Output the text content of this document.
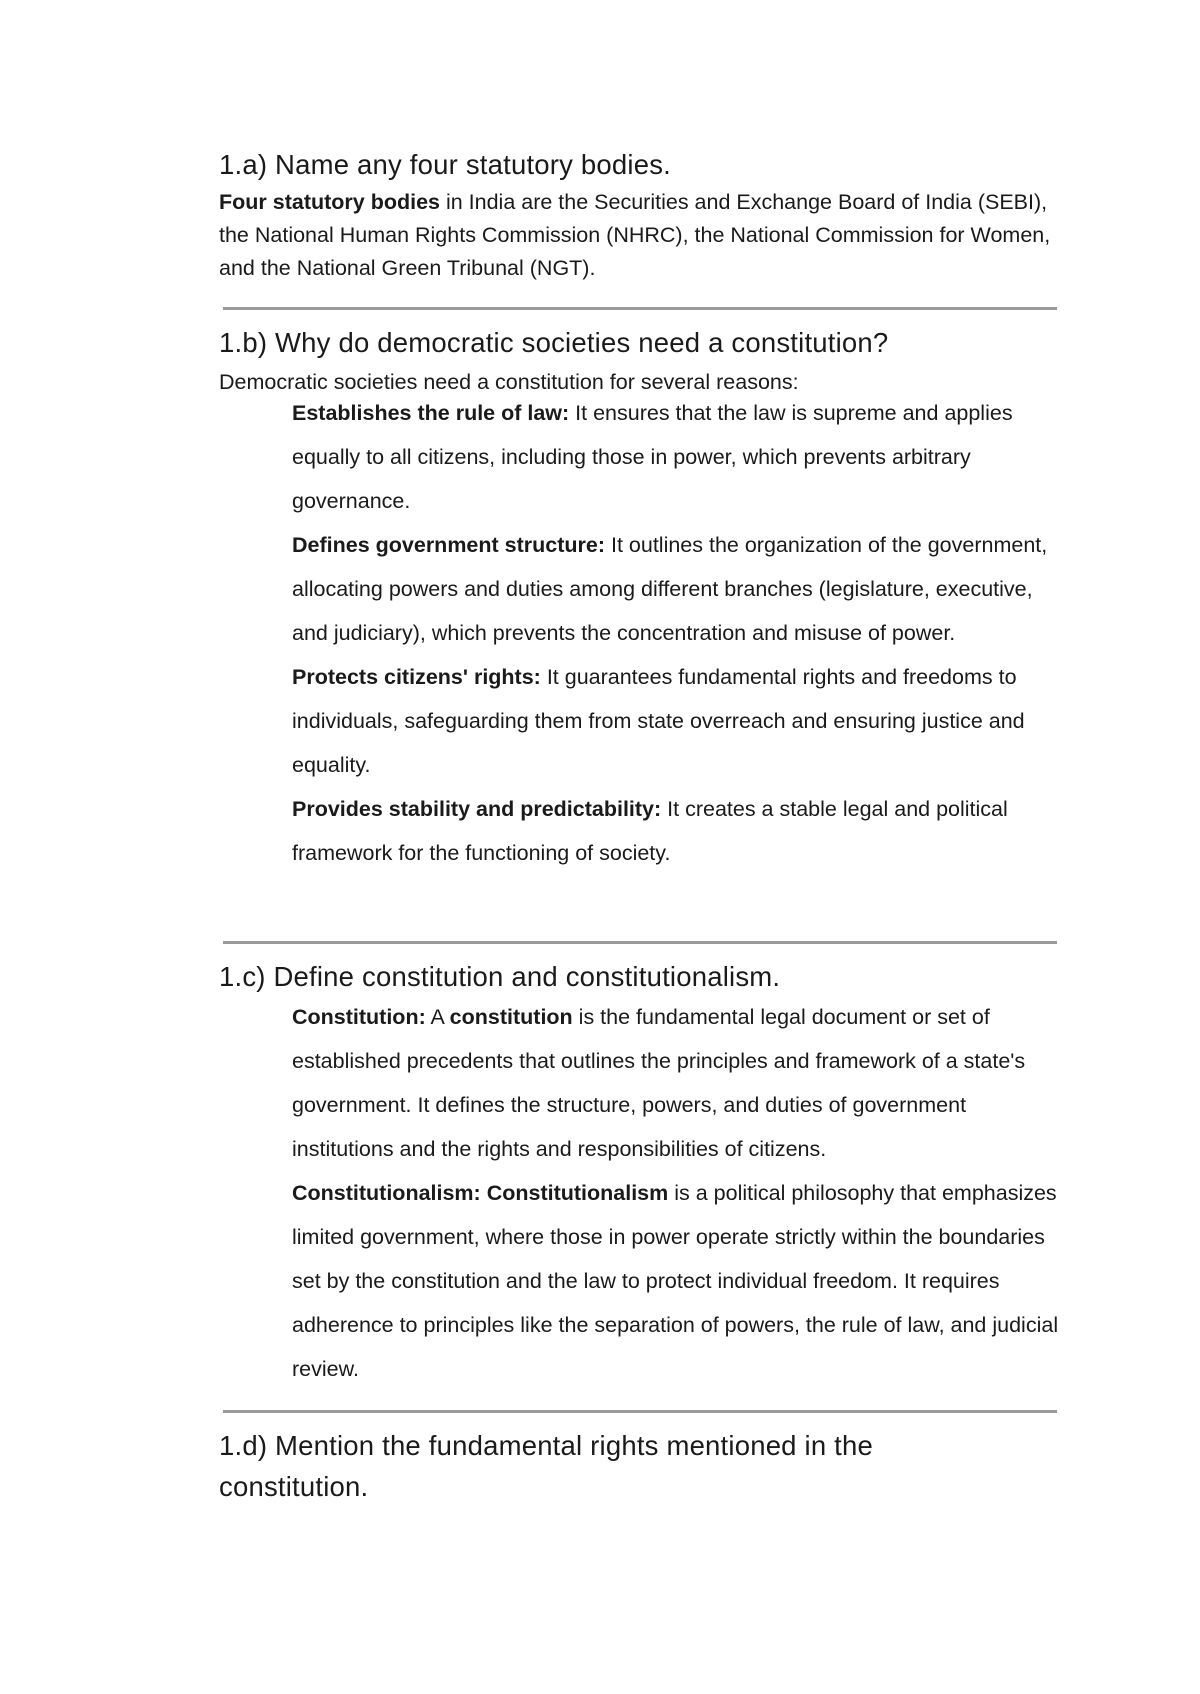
1.a) Name any four statutory bodies.

Four statutory bodies in India are the Securities and Exchange Board of India (SEBI), the National Human Rights Commission (NHRC), the National Commission for Women, and the National Green Tribunal (NGT).

1.b) Why do democratic societies need a constitution?

Democratic societies need a constitution for several reasons:

Establishes the rule of law: It ensures that the law is supreme and applies equally to all citizens, including those in power, which prevents arbitrary governance.
Defines government structure: It outlines the organization of the government, allocating powers and duties among different branches (legislature, executive, and judiciary), which prevents the concentration and misuse of power.
Protects citizens' rights: It guarantees fundamental rights and freedoms to individuals, safeguarding them from state overreach and ensuring justice and equality.
Provides stability and predictability: It creates a stable legal and political framework for the functioning of society.
1.c) Define constitution and constitutionalism.
Constitution: A constitution is the fundamental legal document or set of established precedents that outlines the principles and framework of a state's government. It defines the structure, powers, and duties of government institutions and the rights and responsibilities of citizens.
Constitutionalism: Constitutionalism is a political philosophy that emphasizes limited government, where those in power operate strictly within the boundaries set by the constitution and the law to protect individual freedom. It requires adherence to principles like the separation of powers, the rule of law, and judicial review.
1.d) Mention the fundamental rights mentioned in the constitution.
